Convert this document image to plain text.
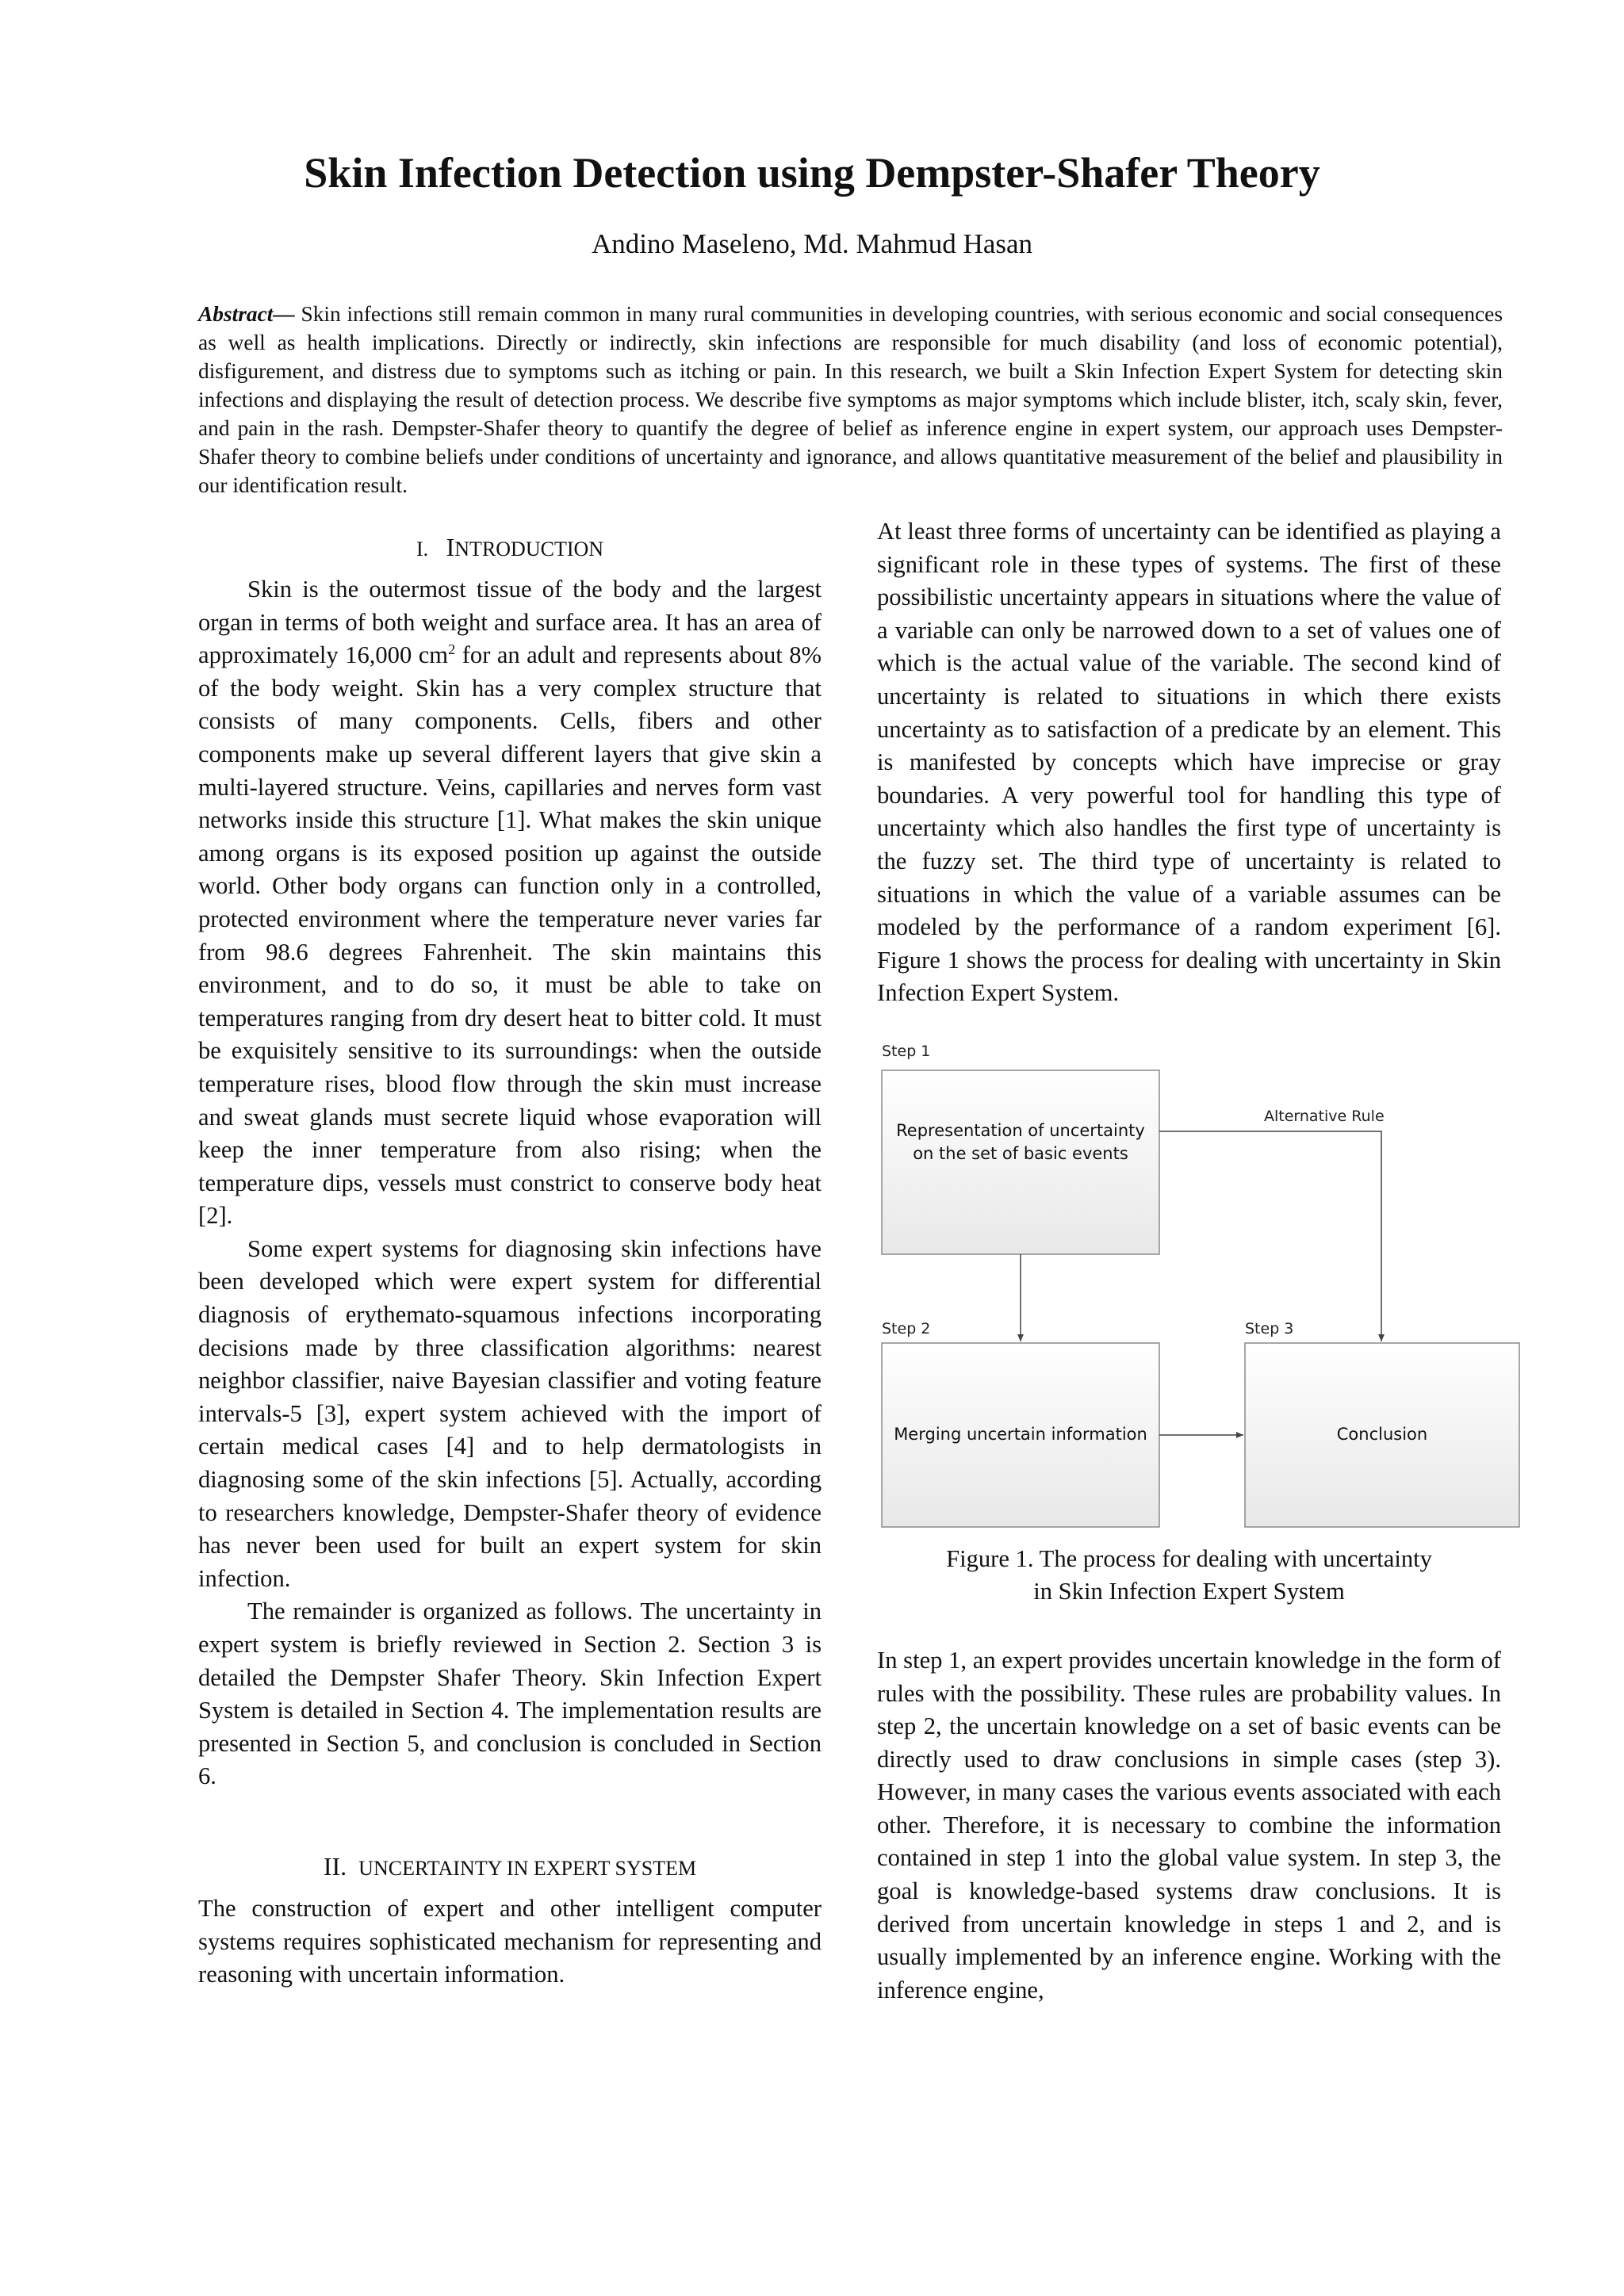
Skin Infection Detection using Dempster-Shafer Theory
Andino Maseleno, Md. Mahmud Hasan
Abstract— Skin infections still remain common in many rural communities in developing countries, with serious economic and social consequences as well as health implications. Directly or indirectly, skin infections are responsible for much disability (and loss of economic potential), disfigurement, and distress due to symptoms such as itching or pain. In this research, we built a Skin Infection Expert System for detecting skin infections and displaying the result of detection process. We describe five symptoms as major symptoms which include blister, itch, scaly skin, fever, and pain in the rash. Dempster-Shafer theory to quantify the degree of belief as inference engine in expert system, our approach uses Dempster-Shafer theory to combine beliefs under conditions of uncertainty and ignorance, and allows quantitative measurement of the belief and plausibility in our identification result.
I. INTRODUCTION

Skin is the outermost tissue of the body and the largest organ in terms of both weight and surface area. It has an area of approximately 16,000 $cm^2$ for an adult and represents about 8% of the body weight. Skin has a very complex structure that consists of many components. Cells, fibers and other components make up several different layers that give skin a multi-layered structure. Veins, capillaries and nerves form vast networks inside this structure [1]. What makes the skin unique among organs is its exposed position up against the outside world. Other body organs can function only in a controlled, protected environment where the temperature never varies far from 98.6 degrees Fahrenheit. The skin maintains this environment, and to do so, it must be able to take on temperatures ranging from dry desert heat to bitter cold. It must be exquisitely sensitive to its surroundings: when the outside temperature rises, blood flow through the skin must increase and sweat glands must secrete liquid whose evaporation will keep the inner temperature from also rising; when the temperature dips, vessels must constrict to conserve body heat [2].

Some expert systems for diagnosing skin infections have been developed which were expert system for differential diagnosis of erythemato-squamous infections incorporating decisions made by three classification algorithms: nearest neighbor classifier, naive Bayesian classifier and voting feature intervals-5 [3], expert system achieved with the import of certain medical cases [4] and to help dermatologists in diagnosing some of the skin infections [5]. Actually, according to researchers knowledge, Dempster-Shafer theory of evidence has never been used for built an expert system for skin infection.

The remainder is organized as follows. The uncertainty in expert system is briefly reviewed in Section 2. Section 3 is detailed the Dempster Shafer Theory. Skin Infection Expert System is detailed in Section 4. The implementation results are presented in Section 5, and conclusion is concluded in Section 6.

II. UNCERTAINTY IN EXPERT SYSTEM

The construction of expert and other intelligent computer systems requires sophisticated mechanism for representing and reasoning with uncertain information.

At least three forms of uncertainty can be identified as playing a significant role in these types of systems. The first of these possibilistic uncertainty appears in situations where the value of a variable can only be narrowed down to a set of values one of which is the actual value of the variable. The second kind of uncertainty is related to situations in which there exists uncertainty as to satisfaction of a predicate by an element. This is manifested by concepts which have imprecise or gray boundaries. A very powerful tool for handling this type of uncertainty which also handles the first type of uncertainty is the fuzzy set. The third type of uncertainty is related to situations in which the value of a variable assumes can be modeled by the performance of a random experiment [6]. Figure 1 shows the process for dealing with uncertainty in Skin Infection Expert System.

Step 1
Step 2	Step 3
Representation of uncertainty
on the set of basic events
Merging uncertain information	Conclusion
Alternative Rule
Figure 1. The process for dealing with uncertainty
in Skin Infection Expert System

In step 1, an expert provides uncertain knowledge in the form of rules with the possibility. These rules are probability values. In step 2, the uncertain knowledge on a set of basic events can be directly used to draw conclusions in simple cases (step 3). However, in many cases the various events associated with each other. Therefore, it is necessary to combine the information contained in step 1 into the global value system. In step 3, the goal is knowledge-based systems draw conclusions. It is derived from uncertain knowledge in steps 1 and 2, and is usually implemented by an inference engine. Working with the inference engine,
